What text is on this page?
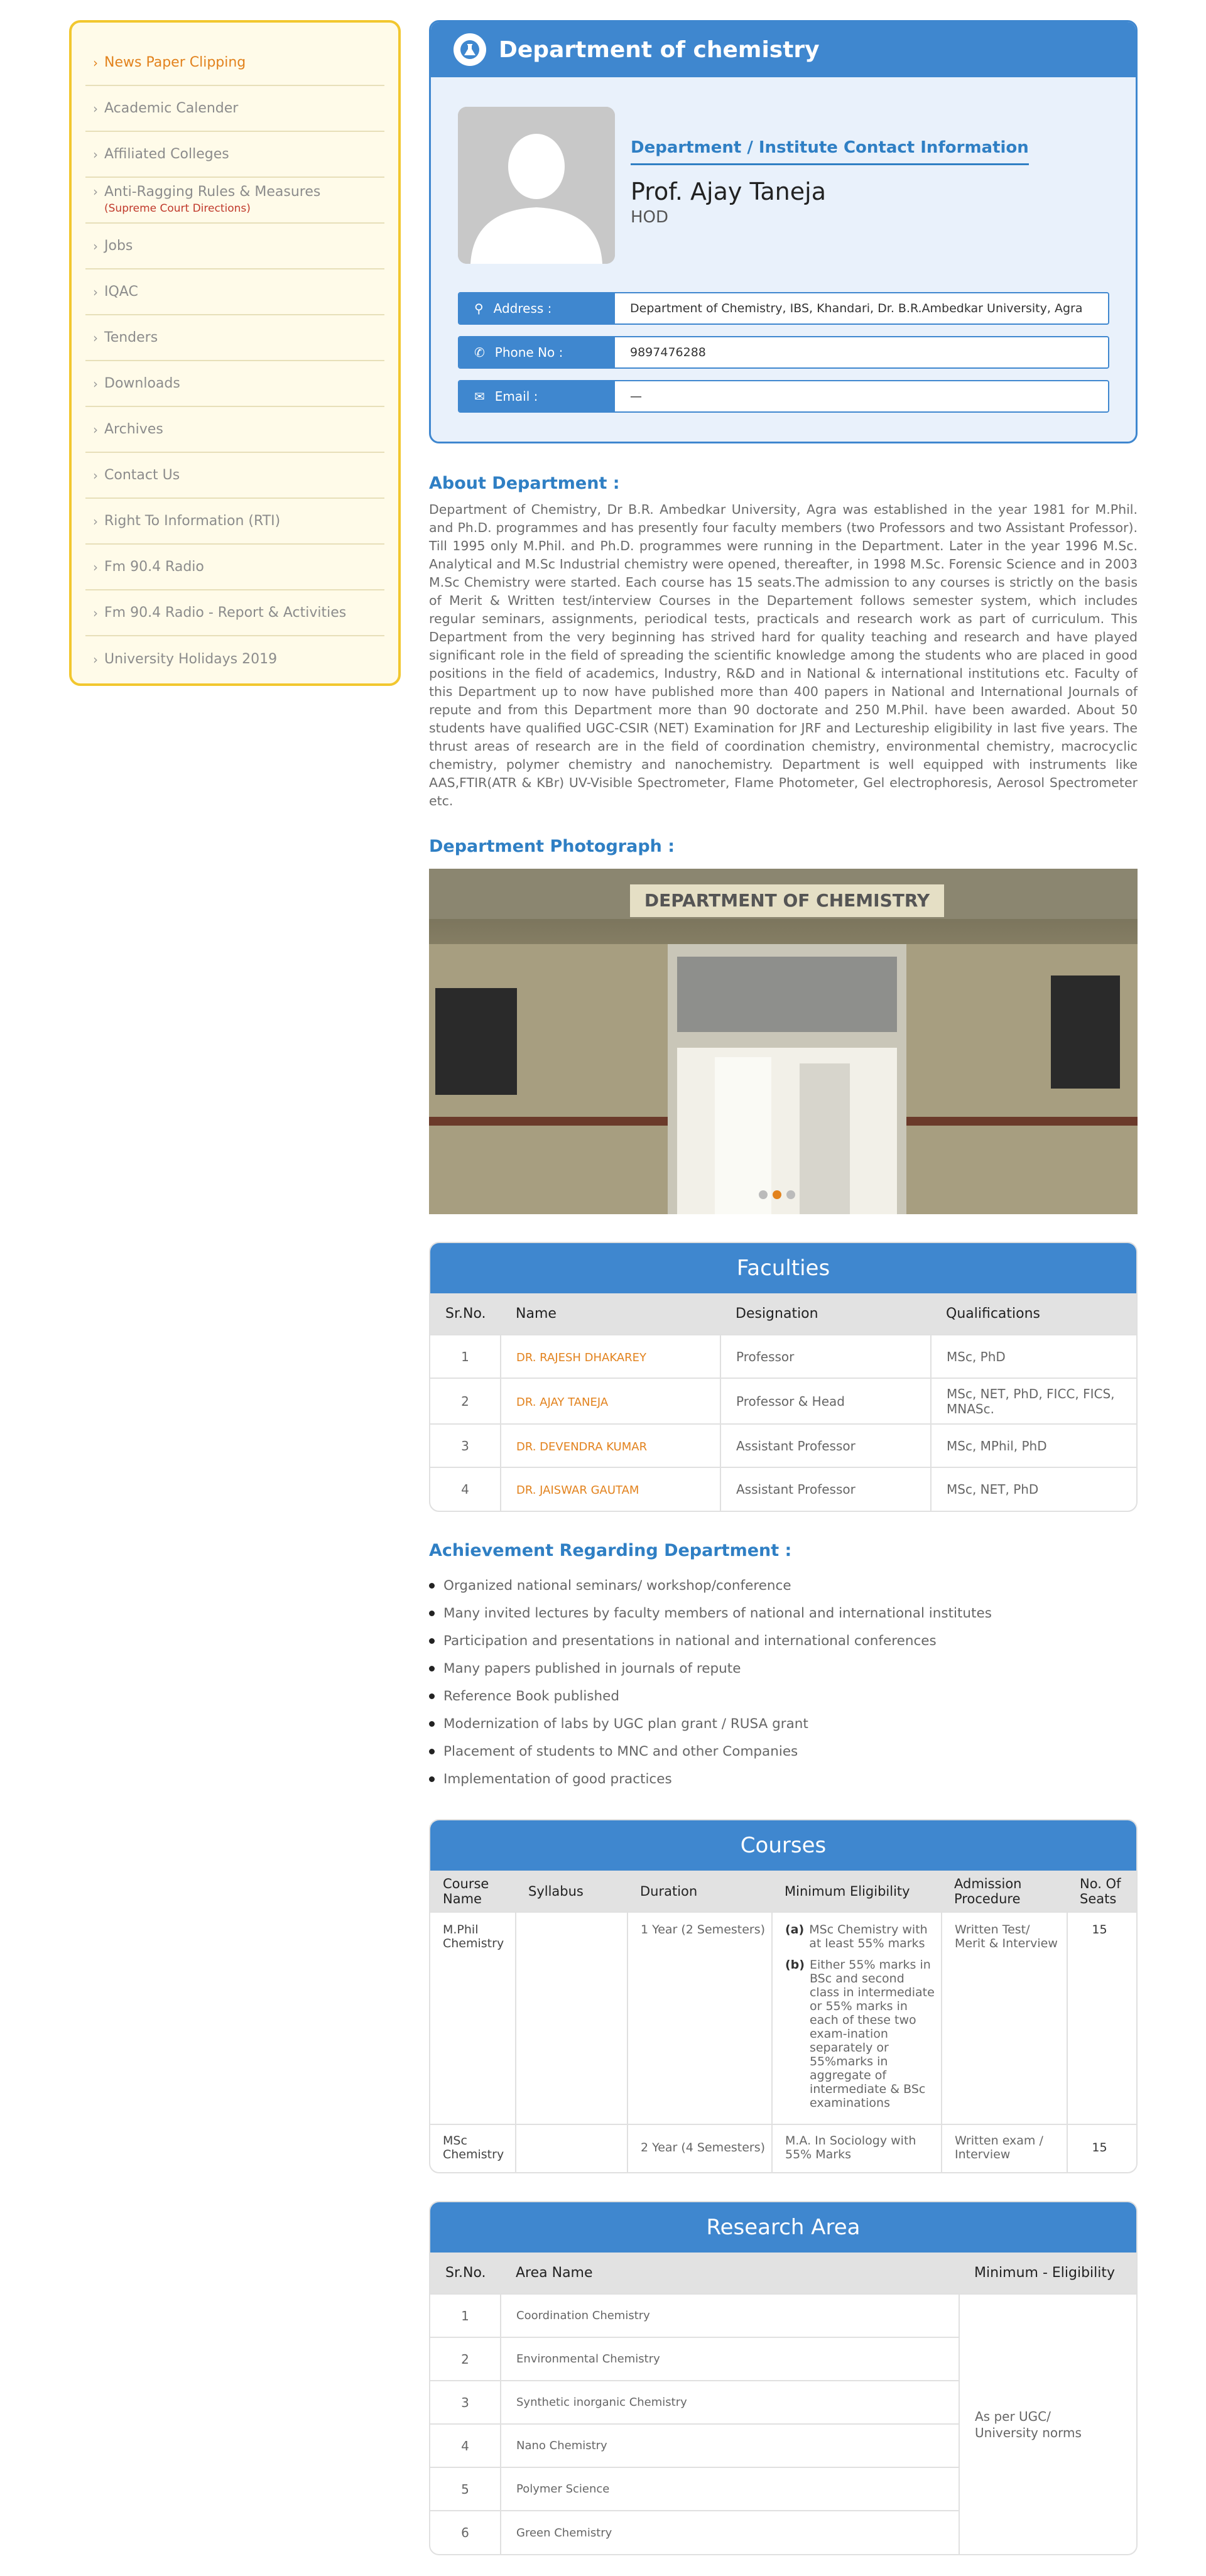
› News Paper Clipping
› Academic Calender
› Affiliated Colleges
› Anti-Ragging Rules & Measures
(Supreme Court Directions)
› Jobs
› IQAC
› Tenders
› Downloads
› Archives
› Contact Us
› Right To Information (RTI)
› Fm 90.4 Radio
› Fm 90.4 Radio - Report & Activities
› University Holidays 2019
Department of chemistry
Department / Institute Contact Information
Prof. Ajay Taneja
HOD
⚲ Address :	Department of Chemistry, IBS, Khandari, Dr. B.R.Ambedkar University, Agra
✆ Phone No :	9897476288
✉ Email :	—
About Department :

Department of Chemistry, Dr B.R. Ambedkar University, Agra was established in the year 1981 for M.Phil. and Ph.D. programmes and has presently four faculty members (two Professors and two Assistant Professor). Till 1995 only M.Phil. and Ph.D. programmes were running in the Department. Later in the year 1996 M.Sc. Analytical and M.Sc Industrial chemistry were opened, thereafter, in 1998 M.Sc. Forensic Science and in 2003 M.Sc Chemistry were started. Each course has 15 seats.The admission to any courses is strictly on the basis of Merit & Written test/interview Courses in the Departement follows semester system, which includes regular seminars, assignments, periodical tests, practicals and research work as part of curriculum. This Department from the very beginning has strived hard for quality teaching and research and have played significant role in the field of spreading the scientific knowledge among the students who are placed in good positions in the field of academics, Industry, R&D and in National & international institutions etc. Faculty of this Department up to now have published more than 400 papers in National and International Journals of repute and from this Department more than 90 doctorate and 250 M.Phil. have been awarded. About 50 students have qualified UGC-CSIR (NET) Examination for JRF and Lectureship eligibility in last five years. The thrust areas of research are in the field of coordination chemistry, environmental chemistry, macrocyclic chemistry, polymer chemistry and nanochemistry. Department is well equipped with instruments like AAS,FTIR(ATR & KBr) UV-Visible Spectrometer, Flame Photometer, Gel electrophoresis, Aerosol Spectrometer etc.

Department Photograph :
DEPARTMENT OF CHEMISTRY
Faculties
Sr.No.	Name	Designation	Qualifications
1	DR. RAJESH DHAKAREY	Professor	MSc, PhD
2	DR. AJAY TANEJA	Professor & Head	MSc, NET, PhD, FICC, FICS, MNASc.
3	DR. DEVENDRA KUMAR	Assistant Professor	MSc, MPhil, PhD
4	DR. JAISWAR GAUTAM	Assistant Professor	MSc, NET, PhD
Achievement Regarding Department :
Organized national seminars/ workshop/conference
Many invited lectures by faculty members of national and international institutes
Participation and presentations in national and international conferences
Many papers published in journals of repute
Reference Book published
Modernization of labs by UGC plan grant / RUSA grant
Placement of students to MNC and other Companies
Implementation of good practices
Courses
Course Name	Syllabus	Duration	Minimum Eligibility	Admission Procedure	No. Of Seats
M.Phil Chemistry		1 Year (2 Semesters)	(a) MSc Chemistry with at least 55% marks
(b) Either 55% marks in BSc and second class in intermediate or 55% marks in each of these two exam-ination separately or 55%marks in aggregate of intermediate & BSc examinations	Written Test/ Merit & Interview	15
MSc Chemistry		2 Year (4 Semesters)	M.A. In Sociology with 55% Marks	Written exam / Interview	15
Research Area
Sr.No.	Area Name	Minimum - Eligibility
1	Coordination Chemistry	As per UGC/ University norms
2	Environmental Chemistry	
3	Synthetic inorganic Chemistry	
4	Nano Chemistry	
5	Polymer Science	
6	Green Chemistry	
